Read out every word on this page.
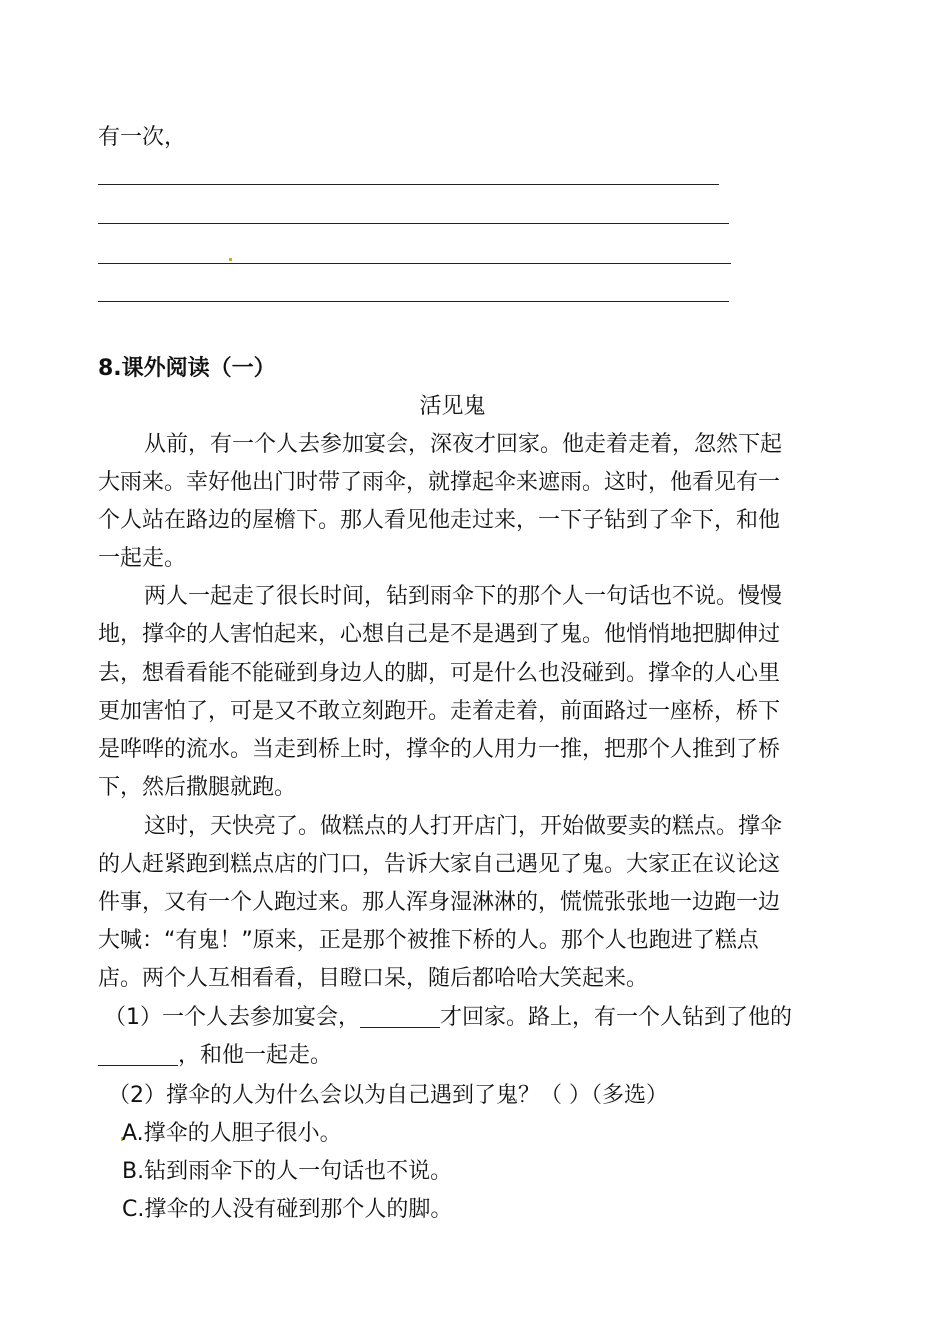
有一次，
8.课外阅读（一）
活见鬼
从前，有一个人去参加宴会，深夜才回家。他走着走着，忽然下起
大雨来。幸好他出门时带了雨伞，就撑起伞来遮雨。这时，他看见有一
个人站在路边的屋檐下。那人看见他走过来，一下子钻到了伞下，和他
一起走。
两人一起走了很长时间，钻到雨伞下的那个人一句话也不说。慢慢
地，撑伞的人害怕起来，心想自己是不是遇到了鬼。他悄悄地把脚伸过
去，想看看能不能碰到身边人的脚，可是什么也没碰到。撑伞的人心里
更加害怕了，可是又不敢立刻跑开。走着走着，前面路过一座桥，桥下
是哗哗的流水。当走到桥上时，撑伞的人用力一推，把那个人推到了桥
下，然后撒腿就跑。
这时，天快亮了。做糕点的人打开店门，开始做要卖的糕点。撑伞
的人赶紧跑到糕点店的门口，告诉大家自己遇见了鬼。大家正在议论这
件事，又有一个人跑过来。那人浑身湿淋淋的，慌慌张张地一边跑一边
大喊：“有鬼！”原来，正是那个被推下桥的人。那个人也跑进了糕点
店。两个人互相看看，目瞪口呆，随后都哈哈大笑起来。
（1）一个人去参加宴会，	才回家。路上，有一个人钻到了他的
，和他一起走。
（2）撑伞的人为什么会以为自己遇到了鬼？（ ）（多选）
A.撑伞的人胆子很小。
B.钻到雨伞下的人一句话也不说。
C.撑伞的人没有碰到那个人的脚。
